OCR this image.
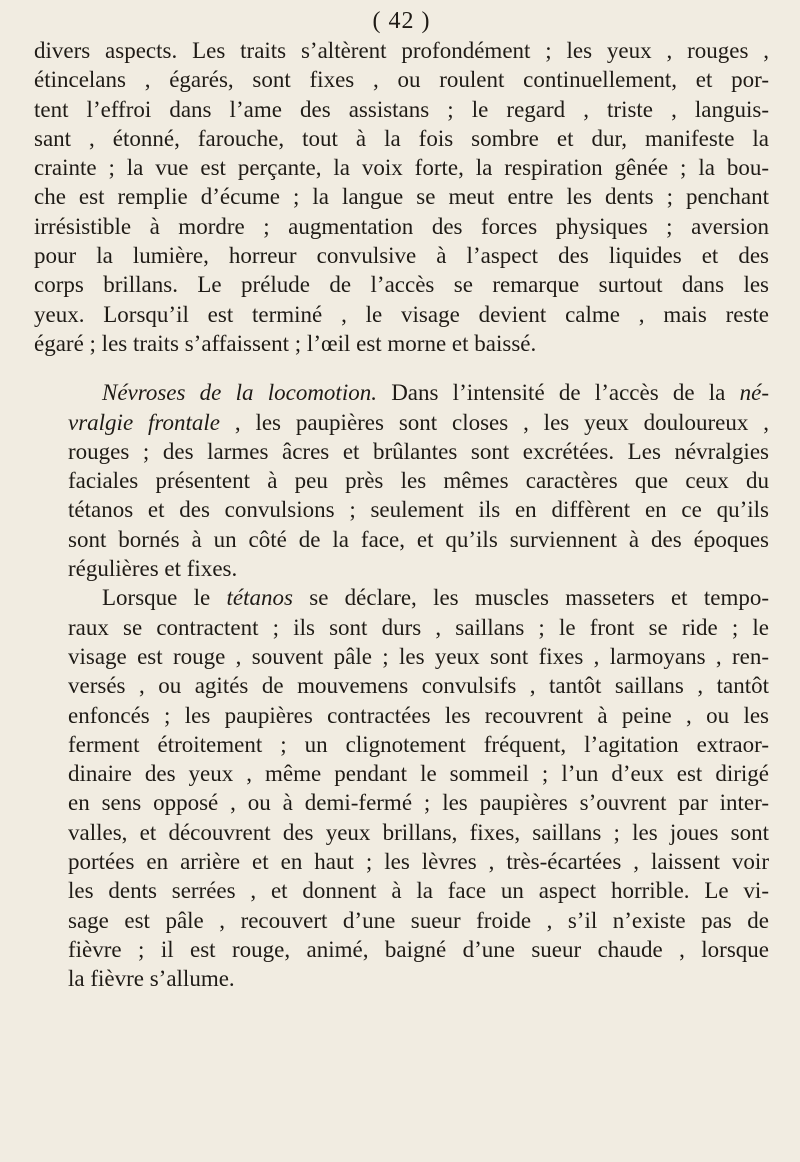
( 42 )
divers aspects. Les traits s’altèrent profondément ; les yeux , rouges ,
étincelans , égarés, sont fixes , ou roulent continuellement, et por-
tent l’effroi dans l’ame des assistans ; le regard , triste , languis-
sant , étonné, farouche, tout à la fois sombre et dur, manifeste la
crainte ; la vue est perçante, la voix forte, la respiration gênée ; la bou-
che est remplie d’écume ; la langue se meut entre les dents ; penchant
irrésistible à mordre ; augmentation des forces physiques ; aversion
pour la lumière, horreur convulsive à l’aspect des liquides et des
corps brillans. Le prélude de l’accès se remarque surtout dans les
yeux. Lorsqu’il est terminé , le visage devient calme , mais reste
égaré ; les traits s’affaissent ; l’œil est morne et baissé.
Névroses de la locomotion. Dans l’intensité de l’accès de la né-
vralgie frontale , les paupières sont closes , les yeux douloureux ,
rouges ; des larmes âcres et brûlantes sont excrétées. Les névralgies
faciales présentent à peu près les mêmes caractères que ceux du
tétanos et des convulsions ; seulement ils en diffèrent en ce qu’ils
sont bornés à un côté de la face, et qu’ils surviennent à des époques
régulières et fixes.
Lorsque le tétanos se déclare, les muscles masseters et tempo-
raux se contractent ; ils sont durs , saillans ; le front se ride ; le
visage est rouge , souvent pâle ; les yeux sont fixes , larmoyans , ren-
versés , ou agités de mouvemens convulsifs , tantôt saillans , tantôt
enfoncés ; les paupières contractées les recouvrent à peine , ou les
ferment étroitement ; un clignotement fréquent, l’agitation extraor-
dinaire des yeux , même pendant le sommeil ; l’un d’eux est dirigé
en sens opposé , ou à demi-fermé ; les paupières s’ouvrent par inter-
valles, et découvrent des yeux brillans, fixes, saillans ; les joues sont
portées en arrière et en haut ; les lèvres , très-écartées , laissent voir
les dents serrées , et donnent à la face un aspect horrible. Le vi-
sage est pâle , recouvert d’une sueur froide , s’il n’existe pas de
fièvre ; il est rouge, animé, baigné d’une sueur chaude , lorsque
la fièvre s’allume.
